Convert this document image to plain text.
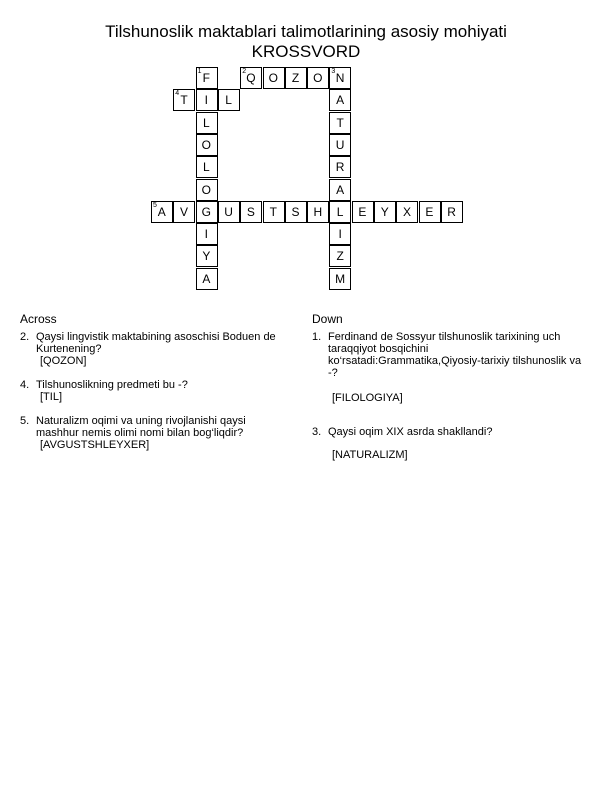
Tilshunoslik maktablari talimotlarining asosiy mohiyati
KROSSVORD
1 F
I
L
O
L
O
G
I
Y
A
2 Q	O	Z	O	3 N
A
T
U
R
A
L
I
Z
M
4 T	L
5 A	V	U	S	T	S	H	E	Y	X	E	R
Across
2. Qaysi lingvistik maktabining asoschisi Boduen de Kurtenening?
[QOZON]
4. Tilshunoslikning predmeti bu -?
[TIL]
5. Naturalizm oqimi va uning rivojlanishi qaysi mashhur nemis olimi nomi bilan bog‘liqdir?
[AVGUSTSHLEYXER]
Down
1. Ferdinand de Sossyur tilshunoslik tarixining uch taraqqiyot bosqichini ko‘rsatadi:Grammatika,Qiyosiy-tarixiy tilshunoslik va -?
[FILOLOGIYA]
3. Qaysi oqim XIX asrda shakllandi?
[NATURALIZM]
